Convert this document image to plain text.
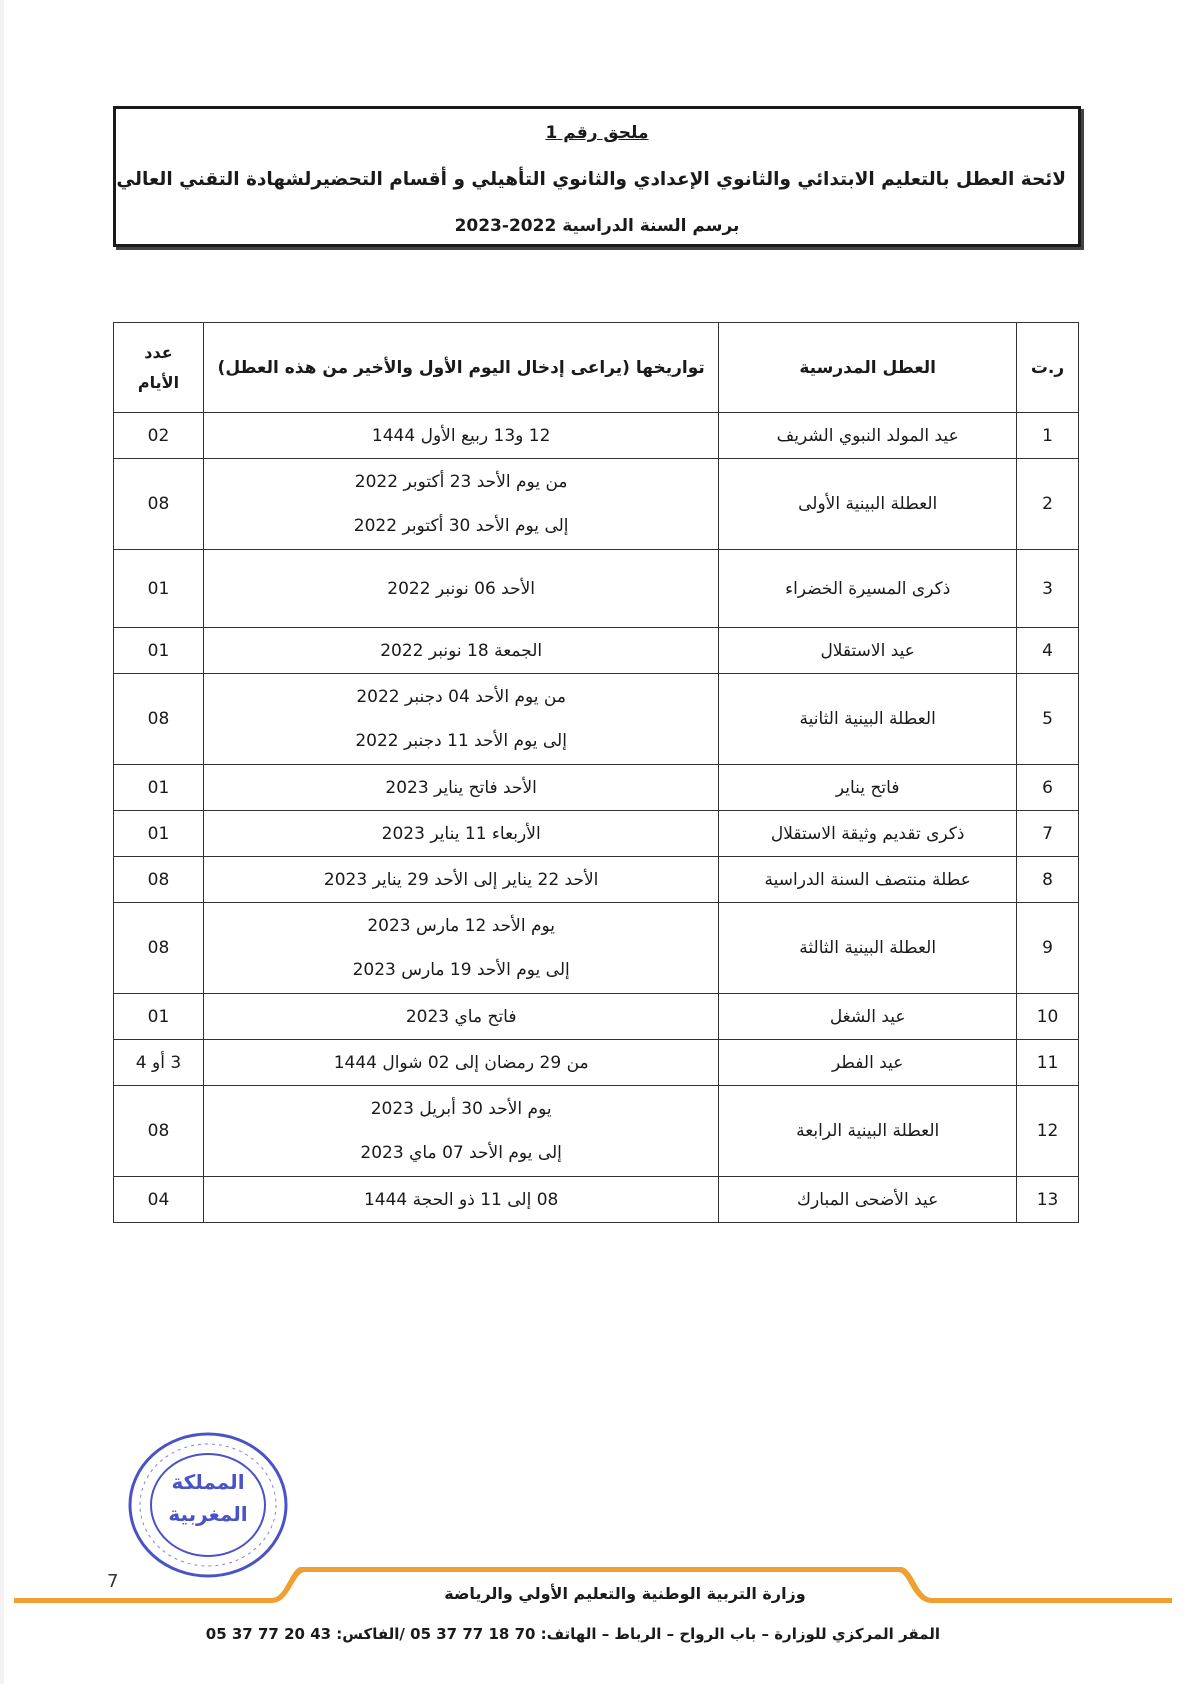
ملحق رقم 1
لائحة العطل بالتعليم الابتدائي والثانوي الإعدادي والثانوي التأهيلي و أقسام التحضيرلشهادة التقني العالي
برسم السنة الدراسية 2022-2023
ر.ت	العطل المدرسية	تواريخها (يراعى إدخال اليوم الأول والأخير من هذه العطل)	عدد
الأيام

1	عيد المولد النبوي الشريف	12 و13 ربيع الأول 1444	02
2	العطلة البينية الأولى	من يوم الأحد 23 أكتوبر 2022
إلى يوم الأحد 30 أكتوبر 2022	08
3	ذكرى المسيرة الخضراء	الأحد 06 نونبر 2022	01
4	عيد الاستقلال	الجمعة 18 نونبر 2022	01
5	العطلة البينية الثانية	من يوم الأحد 04 دجنبر 2022
إلى يوم الأحد 11 دجنبر 2022	08
6	فاتح يناير	الأحد فاتح يناير 2023	01
7	ذكرى تقديم وثيقة الاستقلال	الأربعاء 11 يناير 2023	01
8	عطلة منتصف السنة الدراسية	الأحد 22 يناير إلى الأحد 29 يناير 2023	08
9	العطلة البينية الثالثة	يوم الأحد 12 مارس 2023
إلى يوم الأحد 19 مارس 2023	08
10	عيد الشغل	فاتح ماي 2023	01
11	عيد الفطر	من 29 رمضان إلى 02 شوال 1444	3 أو 4
12	العطلة البينية الرابعة	يوم الأحد 30 أبريل 2023
إلى يوم الأحد 07 ماي 2023	08
13	عيد الأضحى المبارك	08 إلى 11 ذو الحجة 1444	04
المملكة
المغربية
7
وزارة التربية الوطنية والتعليم الأولي والرياضة
المقر المركزي للوزارة – باب الرواح – الرباط – الهاتف: 70 18 77 37 05 /الفاكس: 43 20 77 37 05
